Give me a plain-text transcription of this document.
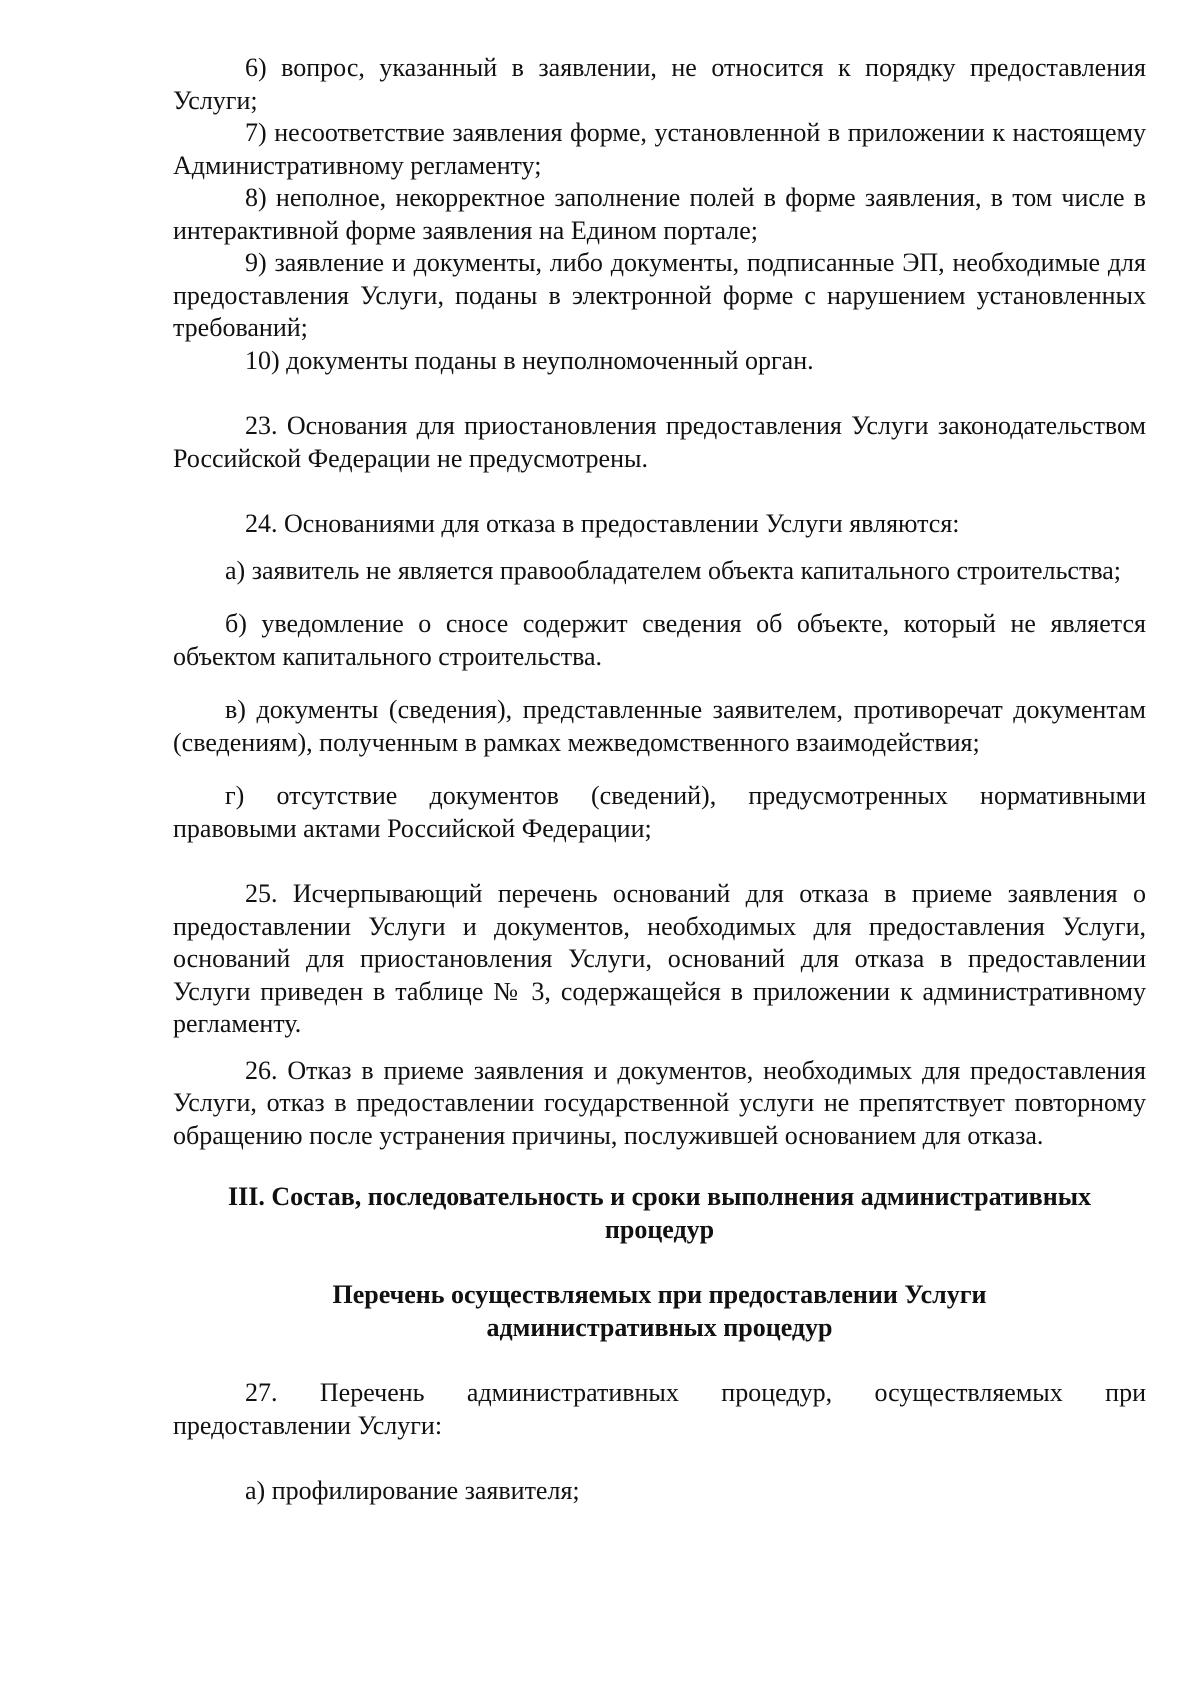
6) вопрос, указанный в заявлении, не относится к порядку предоставления Услуги;

7) несоответствие заявления форме, установленной в приложении к настоящему Административному регламенту;

8) неполное, некорректное заполнение полей в форме заявления, в том числе в интерактивной форме заявления на Едином портале;

9) заявление и документы, либо документы, подписанные ЭП, необходимые для предоставления Услуги, поданы в электронной форме с нарушением установленных требований;

10) документы поданы в неуполномоченный орган.

23. Основания для приостановления предоставления Услуги законодательством Российской Федерации не предусмотрены.

24. Основаниями для отказа в предоставлении Услуги являются:

а) заявитель не является правообладателем объекта капитального строительства;

б) уведомление о сносе содержит сведения об объекте, который не является объектом капитального строительства.

в) документы (сведения), представленные заявителем, противоречат документам (сведениям), полученным в рамках межведомственного взаимодействия;

г) отсутствие документов (сведений), предусмотренных нормативными правовыми актами Российской Федерации;

25. Исчерпывающий перечень оснований для отказа в приеме заявления о предоставлении Услуги и документов, необходимых для предоставления Услуги, оснований для приостановления Услуги, оснований для отказа в предоставлении Услуги приведен в таблице № 3, содержащейся в приложении к административному регламенту.

26. Отказ в приеме заявления и документов, необходимых для предоставления Услуги, отказ в предоставлении государственной услуги не препятствует повторному обращению после устранения причины, послужившей основанием для отказа.

III. Состав, последовательность и сроки выполнения административных процедур

Перечень осуществляемых при предоставлении Услуги административных процедур

27. Перечень административных процедур, осуществляемых при предоставлении Услуги:

а) профилирование заявителя;
